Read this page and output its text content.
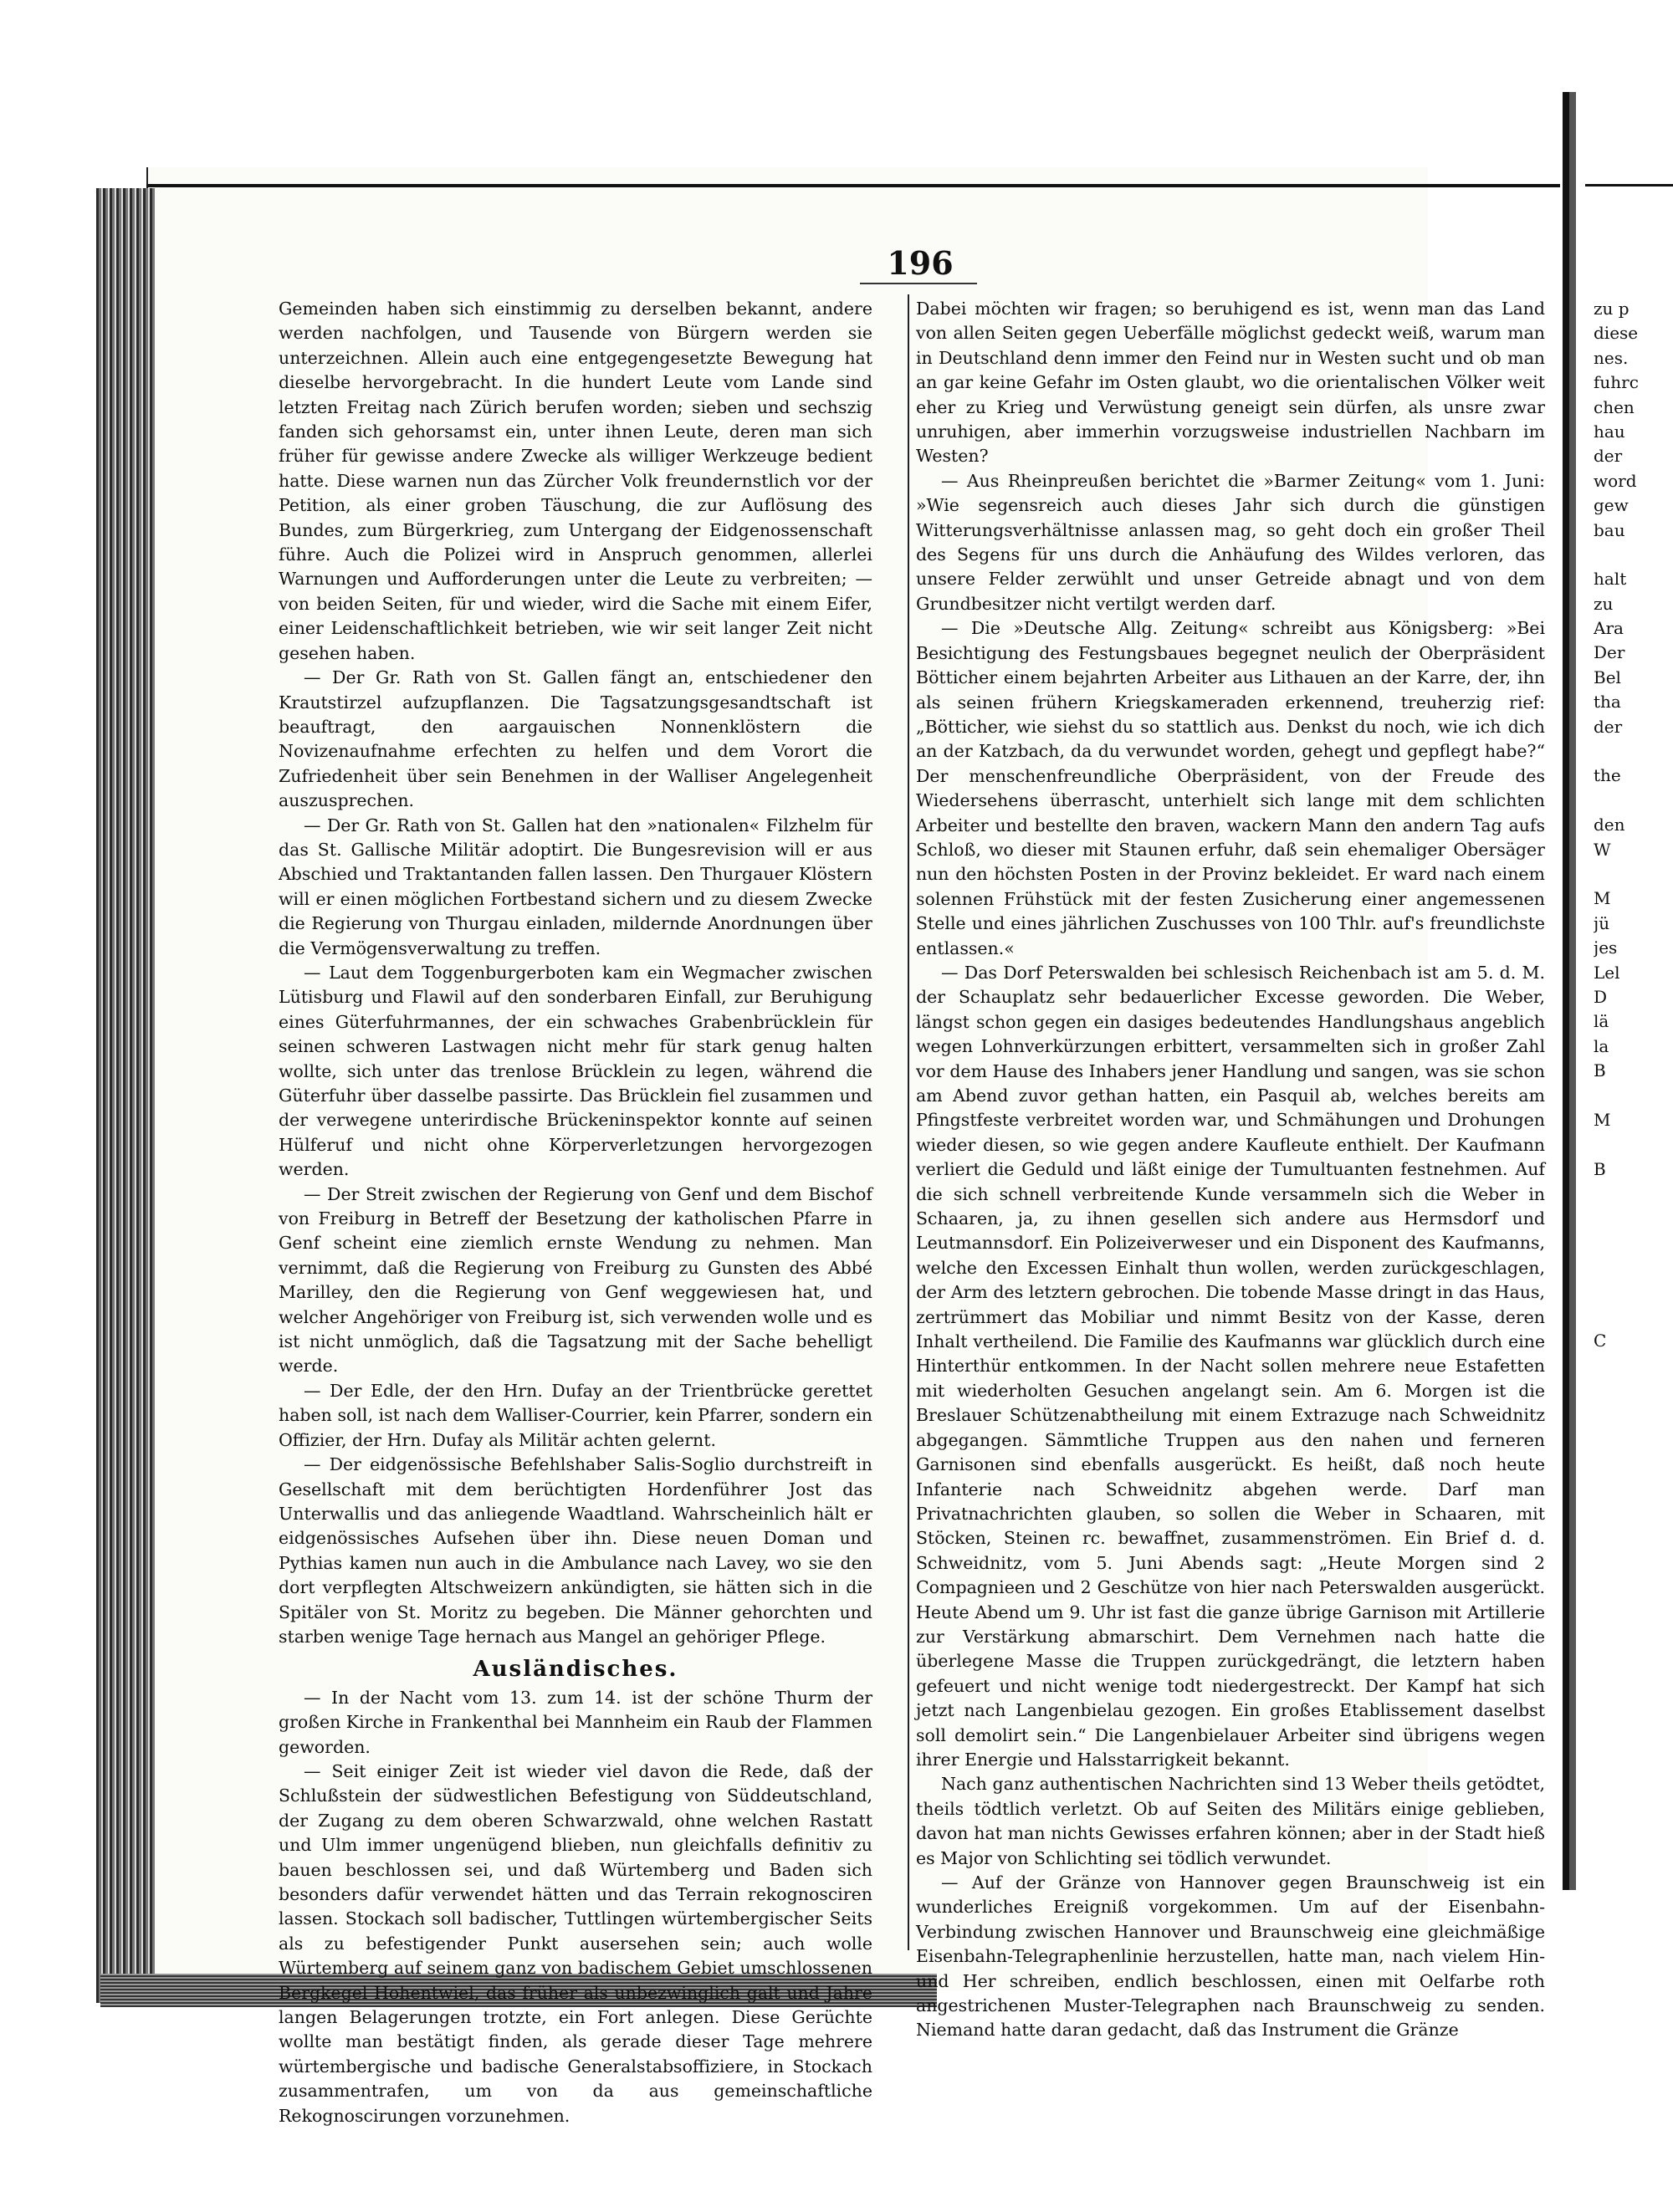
196

Gemeinden haben sich einstimmig zu derselben bekannt, andere werden nachfolgen, und Tausende von Bürgern werden sie unterzeichnen. Allein auch eine entgegengesetzte Bewegung hat dieselbe hervorgebracht. In die hundert Leute vom Lande sind letzten Freitag nach Zürich berufen worden; sieben und sechszig fanden sich gehorsamst ein, unter ihnen Leute, deren man sich früher für gewisse andere Zwecke als williger Werkzeuge bedient hatte. Diese warnen nun das Zürcher Volk freundernstlich vor der Petition, als einer groben Täuschung, die zur Auflösung des Bundes, zum Bürgerkrieg, zum Untergang der Eidgenossenschaft führe. Auch die Polizei wird in Anspruch genommen, allerlei Warnungen und Aufforderungen unter die Leute zu verbreiten; — von beiden Seiten, für und wieder, wird die Sache mit einem Eifer, einer Leidenschaftlichkeit betrieben, wie wir seit langer Zeit nicht gesehen haben.

— Der Gr. Rath von St. Gallen fängt an, entschiedener den Krautstirzel aufzupflanzen. Die Tagsatzungsgesandtschaft ist beauftragt, den aargauischen Nonnenklöstern die Novizenaufnahme erfechten zu helfen und dem Vorort die Zufriedenheit über sein Benehmen in der Walliser Angelegenheit auszusprechen.

— Der Gr. Rath von St. Gallen hat den »nationalen« Filzhelm für das St. Gallische Militär adoptirt. Die Bungesrevision will er aus Abschied und Traktantanden fallen lassen. Den Thurgauer Klöstern will er einen möglichen Fortbestand sichern und zu diesem Zwecke die Regierung von Thurgau einladen, mildernde Anordnungen über die Vermögensverwaltung zu treffen.

— Laut dem Toggenburgerboten kam ein Wegmacher zwischen Lütisburg und Flawil auf den sonderbaren Einfall, zur Beruhigung eines Güterfuhrmannes, der ein schwaches Grabenbrücklein für seinen schweren Lastwagen nicht mehr für stark genug halten wollte, sich unter das trenlose Brücklein zu legen, während die Güterfuhr über dasselbe passirte. Das Brücklein fiel zusammen und der verwegene unterirdische Brückeninspektor konnte auf seinen Hülferuf und nicht ohne Körperverletzungen hervorgezogen werden.

— Der Streit zwischen der Regierung von Genf und dem Bischof von Freiburg in Betreff der Besetzung der katholischen Pfarre in Genf scheint eine ziemlich ernste Wendung zu nehmen. Man vernimmt, daß die Regierung von Freiburg zu Gunsten des Abbé Marilley, den die Regierung von Genf weggewiesen hat, und welcher Angehöriger von Freiburg ist, sich verwenden wolle und es ist nicht unmöglich, daß die Tagsatzung mit der Sache behelligt werde.

— Der Edle, der den Hrn. Dufay an der Trientbrücke gerettet haben soll, ist nach dem Walliser-Courrier, kein Pfarrer, sondern ein Offizier, der Hrn. Dufay als Militär achten gelernt.

— Der eidgenössische Befehlshaber Salis-Soglio durchstreift in Gesellschaft mit dem berüchtigten Hordenführer Jost das Unterwallis und das anliegende Waadtland. Wahrscheinlich hält er eidgenössisches Aufsehen über ihn. Diese neuen Doman und Pythias kamen nun auch in die Ambulance nach Lavey, wo sie den dort verpflegten Altschweizern ankündigten, sie hätten sich in die Spitäler von St. Moritz zu begeben. Die Männer gehorchten und starben wenige Tage hernach aus Mangel an gehöriger Pflege.

Ausländisches.

— In der Nacht vom 13. zum 14. ist der schöne Thurm der großen Kirche in Frankenthal bei Mannheim ein Raub der Flammen geworden.

— Seit einiger Zeit ist wieder viel davon die Rede, daß der Schlußstein der südwestlichen Befestigung von Süddeutschland, der Zugang zu dem oberen Schwarzwald, ohne welchen Rastatt und Ulm immer ungenügend blieben, nun gleichfalls definitiv zu bauen beschlossen sei, und daß Würtemberg und Baden sich besonders dafür verwendet hätten und das Terrain rekognosciren lassen. Stockach soll badischer, Tuttlingen würtembergischer Seits als zu befestigender Punkt ausersehen sein; auch wolle Würtemberg auf seinem ganz von badischem Gebiet umschlossenen Bergkegel Hohentwiel, das früher als unbezwinglich galt und Jahre langen Belagerungen trotzte, ein Fort anlegen. Diese Gerüchte wollte man bestätigt finden, als gerade dieser Tage mehrere würtembergische und badische Generalstabsoffiziere, in Stockach zusammentrafen, um von da aus gemeinschaftliche Rekognoscirungen vorzunehmen.

Dabei möchten wir fragen; so beruhigend es ist, wenn man das Land von allen Seiten gegen Ueberfälle möglichst gedeckt weiß, warum man in Deutschland denn immer den Feind nur in Westen sucht und ob man an gar keine Gefahr im Osten glaubt, wo die orientalischen Völker weit eher zu Krieg und Verwüstung geneigt sein dürfen, als unsre zwar unruhigen, aber immerhin vorzugsweise industriellen Nachbarn im Westen?

— Aus Rheinpreußen berichtet die »Barmer Zeitung« vom 1. Juni: »Wie segensreich auch dieses Jahr sich durch die günstigen Witterungsverhältnisse anlassen mag, so geht doch ein großer Theil des Segens für uns durch die Anhäufung des Wildes verloren, das unsere Felder zerwühlt und unser Getreide abnagt und von dem Grundbesitzer nicht vertilgt werden darf.

— Die »Deutsche Allg. Zeitung« schreibt aus Königsberg: »Bei Besichtigung des Festungsbaues begegnet neulich der Oberpräsident Bötticher einem bejahrten Arbeiter aus Lithauen an der Karre, der, ihn als seinen frühern Kriegskameraden erkennend, treuherzig rief: „Bötticher, wie siehst du so stattlich aus. Denkst du noch, wie ich dich an der Katzbach, da du verwundet worden, gehegt und gepflegt habe?“ Der menschenfreundliche Oberpräsident, von der Freude des Wiedersehens überrascht, unterhielt sich lange mit dem schlichten Arbeiter und bestellte den braven, wackern Mann den andern Tag aufs Schloß, wo dieser mit Staunen erfuhr, daß sein ehemaliger Obersäger nun den höchsten Posten in der Provinz bekleidet. Er ward nach einem solennen Frühstück mit der festen Zusicherung einer angemessenen Stelle und eines jährlichen Zuschusses von 100 Thlr. auf's freundlichste entlassen.«

— Das Dorf Peterswalden bei schlesisch Reichenbach ist am 5. d. M. der Schauplatz sehr bedauerlicher Excesse geworden. Die Weber, längst schon gegen ein dasiges bedeutendes Handlungshaus angeblich wegen Lohnverkürzungen erbittert, versammelten sich in großer Zahl vor dem Hause des Inhabers jener Handlung und sangen, was sie schon am Abend zuvor gethan hatten, ein Pasquil ab, welches bereits am Pfingstfeste verbreitet worden war, und Schmähungen und Drohungen wieder diesen, so wie gegen andere Kaufleute enthielt. Der Kaufmann verliert die Geduld und läßt einige der Tumultuanten festnehmen. Auf die sich schnell verbreitende Kunde versammeln sich die Weber in Schaaren, ja, zu ihnen gesellen sich andere aus Hermsdorf und Leutmannsdorf. Ein Polizeiverweser und ein Disponent des Kaufmanns, welche den Excessen Einhalt thun wollen, werden zurückgeschlagen, der Arm des letztern gebrochen. Die tobende Masse dringt in das Haus, zertrümmert das Mobiliar und nimmt Besitz von der Kasse, deren Inhalt vertheilend. Die Familie des Kaufmanns war glücklich durch eine Hinterthür entkommen. In der Nacht sollen mehrere neue Estafetten mit wiederholten Gesuchen angelangt sein. Am 6. Morgen ist die Breslauer Schützenabtheilung mit einem Extrazuge nach Schweidnitz abgegangen. Sämmtliche Truppen aus den nahen und ferneren Garnisonen sind ebenfalls ausgerückt. Es heißt, daß noch heute Infanterie nach Schweidnitz abgehen werde. Darf man Privatnachrichten glauben, so sollen die Weber in Schaaren, mit Stöcken, Steinen rc. bewaffnet, zusammenströmen. Ein Brief d. d. Schweidnitz, vom 5. Juni Abends sagt: „Heute Morgen sind 2 Compagnieen und 2 Geschütze von hier nach Peterswalden ausgerückt. Heute Abend um 9. Uhr ist fast die ganze übrige Garnison mit Artillerie zur Verstärkung abmarschirt. Dem Vernehmen nach hatte die überlegene Masse die Truppen zurückgedrängt, die letztern haben gefeuert und nicht wenige todt niedergestreckt. Der Kampf hat sich jetzt nach Langenbielau gezogen. Ein großes Etablissement daselbst soll demolirt sein.“ Die Langenbielauer Arbeiter sind übrigens wegen ihrer Energie und Halsstarrigkeit bekannt.

Nach ganz authentischen Nachrichten sind 13 Weber theils getödtet, theils tödtlich verletzt. Ob auf Seiten des Militärs einige geblieben, davon hat man nichts Gewisses erfahren können; aber in der Stadt hieß es Major von Schlichting sei tödlich verwundet.

— Auf der Gränze von Hannover gegen Braunschweig ist ein wunderliches Ereigniß vorgekommen. Um auf der Eisenbahn-Verbindung zwischen Hannover und Braunschweig eine gleichmäßige Eisenbahn-Telegraphenlinie herzustellen, hatte man, nach vielem Hin- und Her schreiben, endlich beschlossen, einen mit Oelfarbe roth angestrichenen Muster-Telegraphen nach Braunschweig zu senden. Niemand hatte daran gedacht, daß das Instrument die Gränze

zu p
diese
nes.
fuhrc
chen
hau
der
word
gew
bau
halt
zu
Ara
Der
Bel
tha
der
the
den
W
M
jü
jes
Lel
D
lä
la
B
M
B
C
